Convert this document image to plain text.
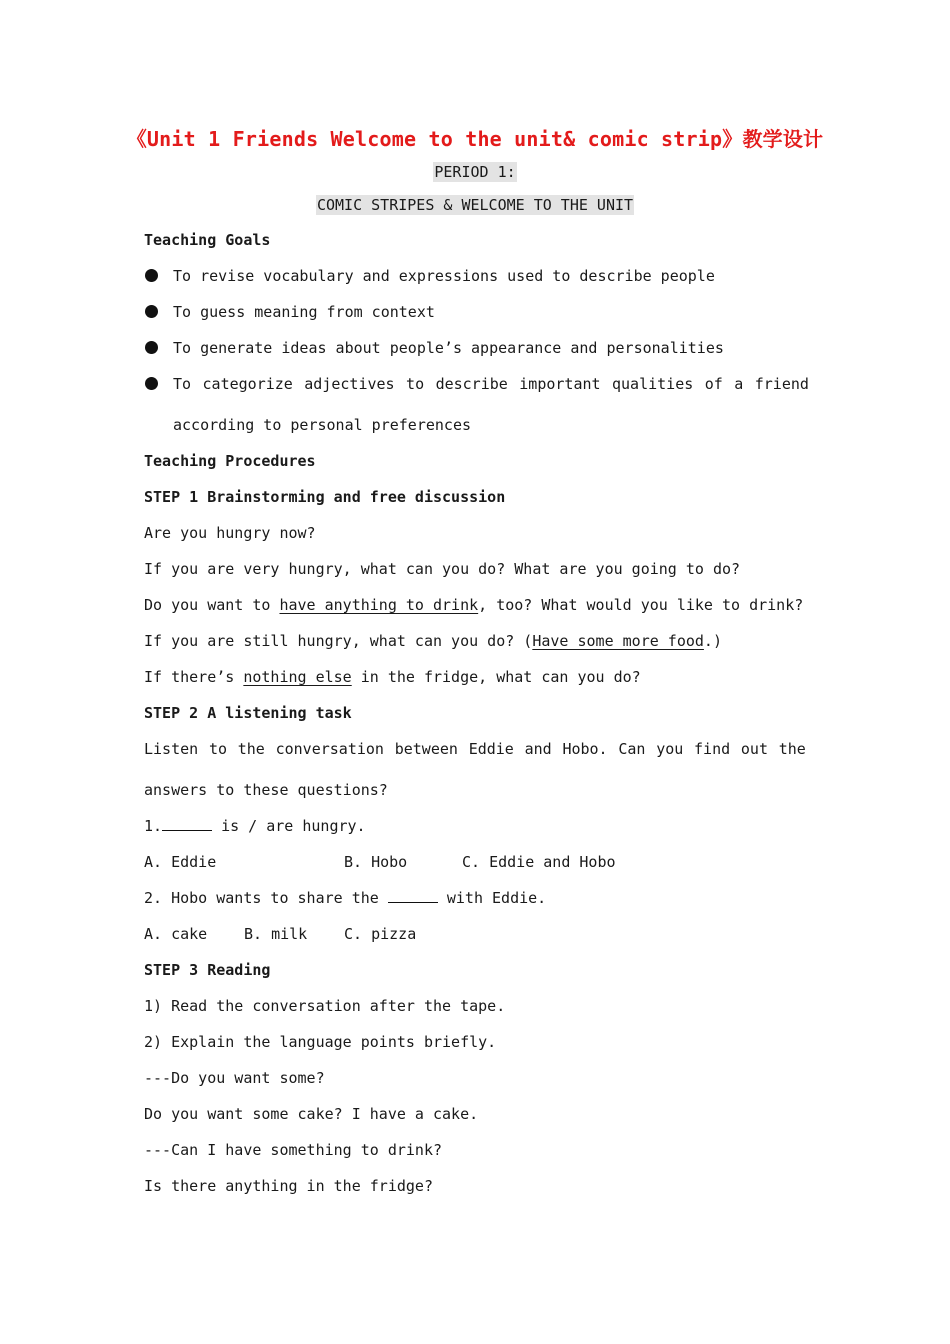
《Unit 1 Friends Welcome to the unit& comic strip》教学设计
PERIOD 1:
COMIC STRIPES & WELCOME TO THE UNIT
Teaching Goals
To revise vocabulary and expressions used to describe people
To guess meaning from context
To generate ideas about people’s appearance and personalities
To categorize adjectives to describe important qualities of a friend
according to personal preferences
Teaching Procedures
STEP 1 Brainstorming and free discussion
Are you hungry now?
If you are very hungry, what can you do? What are you going to do?
Do you want to have anything to drink, too? What would you like to drink?
If you are still hungry, what can you do? (Have some more food.)
If there’s nothing else in the fridge, what can you do?
STEP 2 A listening task
Listen to the conversation between Eddie and Hobo. Can you find out the
answers to these questions?
1.	is / are hungry.
A. Eddie	B. Hobo	C. Eddie and Hobo
2. Hobo wants to share the	with Eddie.
A. cake B. milk C. pizza
STEP 3 Reading
1) Read the conversation after the tape.
2) Explain the language points briefly.
---Do you want some?
Do you want some cake? I have a cake.
---Can I have something to drink?
Is there anything in the fridge?
